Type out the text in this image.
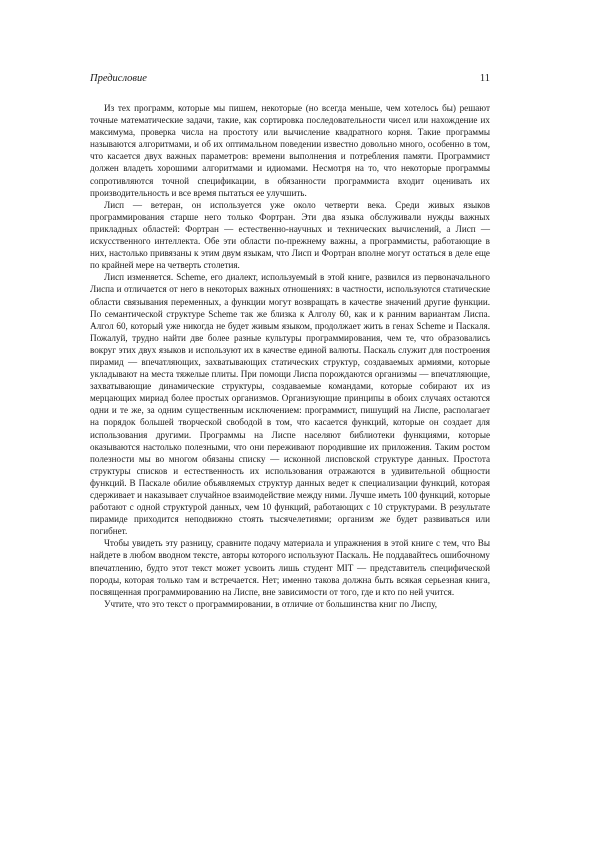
Предисловие	11

Из тех программ, которые мы пишем, некоторые (но всегда меньше, чем хотелось бы) решают точные математические задачи, такие, как сортировка последовательности чисел или нахождение их максимума, проверка числа на простоту или вычисление квадратного корня. Такие программы называются алгоритмами, и об их оптимальном поведении известно довольно много, особенно в том, что касается двух важных параметров: времени выполнения и потребления памяти. Программист должен владеть хорошими алгоритмами и идиомами. Несмотря на то, что некоторые программы сопротивляются точной спецификации, в обязанности программиста входит оценивать их производительность и все время пытаться ее улучшить.

Лисп — ветеран, он используется уже около четверти века. Среди живых языков программирования старше него только Фортран. Эти два языка обслуживали нужды важных прикладных областей: Фортран — естественно-научных и технических вычислений, а Лисп — искусственного интеллекта. Обе эти области по-прежнему важны, а программисты, работающие в них, настолько привязаны к этим двум языкам, что Лисп и Фортран вполне могут остаться в деле еще по крайней мере на четверть столетия.

Лисп изменяется. Scheme, его диалект, используемый в этой книге, развился из первоначального Лиспа и отличается от него в некоторых важных отношениях: в частности, используются статические области связывания переменных, а функции могут возвращать в качестве значений другие функции. По семантической структуре Scheme так же близка к Алголу 60, как и к ранним вариантам Лиспа. Алгол 60, который уже никогда не будет живым языком, продолжает жить в генах Scheme и Паскаля. Пожалуй, трудно найти две более разные культуры программирования, чем те, что образовались вокруг этих двух языков и используют их в качестве единой валюты. Паскаль служит для построения пирамид — впечатляющих, захватывающих статических структур, создаваемых армиями, которые укладывают на места тяжелые плиты. При помощи Лиспа порождаются организмы — впечатляющие, захватывающие динамические структуры, создаваемые командами, которые собирают их из мерцающих мириад более простых организмов. Организующие принципы в обоих случаях остаются одни и те же, за одним существенным исключением: программист, пишущий на Лиспе, располагает на порядок большей творческой свободой в том, что касается функций, которые он создает для использования другими. Программы на Лиспе населяют библиотеки функциями, которые оказываются настолько полезными, что они переживают породившие их приложения. Таким ростом полезности мы во многом обязаны списку — исконной лисповской структуре данных. Простота структуры списков и естественность их использования отражаются в удивительной общности функций. В Паскале обилие объявляемых структур данных ведет к специализации функций, которая сдерживает и наказывает случайное взаимодействие между ними. Лучше иметь 100 функций, которые работают с одной структурой данных, чем 10 функций, работающих с 10 структурами. В результате пирамиде приходится неподвижно стоять тысячелетиями; организм же будет развиваться или погибнет.

Чтобы увидеть эту разницу, сравните подачу материала и упражнения в этой книге с тем, что Вы найдете в любом вводном тексте, авторы которого используют Паскаль. Не поддавайтесь ошибочному впечатлению, будто этот текст может усвоить лишь студент MIT — представитель специфической породы, которая только там и встречается. Нет; именно такова должна быть всякая серьезная книга, посвященная программированию на Лиспе, вне зависимости от того, где и кто по ней учится.

Учтите, что это текст о программировании, в отличие от большинства книг по Лиспу,
